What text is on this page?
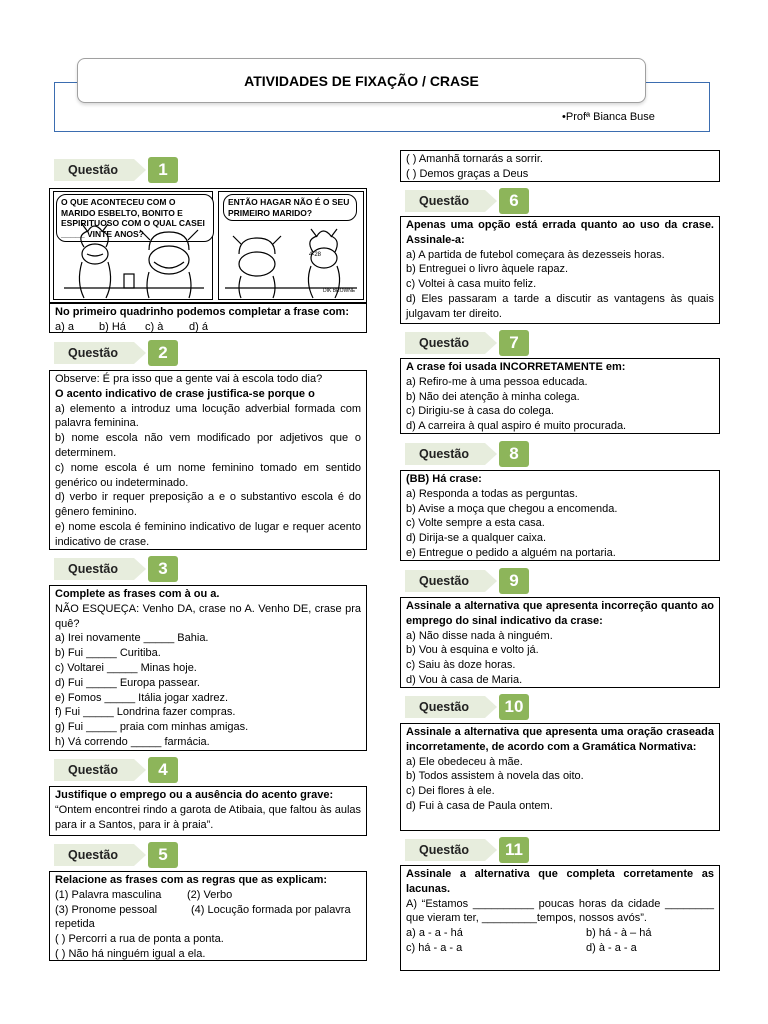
ATIVIDADES DE FIXAÇÃO / CRASE
•Profª Bianca Buse
Questão	1
O QUE ACONTECEU COM O MARIDO ESBELTO, BONITO E ESPIRITUOSO COM O QUAL CASEI _____ VINTE ANOS?
ENTÃO HAGAR NÃO É O SEU PRIMEIRO MARIDO?
4-28
DIK BROWNE

No primeiro quadrinho podemos completar a frase com:

a) a b) Há c) à d) á

Questão	2

Observe: É pra isso que a gente vai à escola todo dia?

O acento indicativo de crase justifica-se porque o

a) elemento a introduz uma locução adverbial formada com palavra feminina.

b) nome escola não vem modificado por adjetivos que o determinem.

c) nome escola é um nome feminino tomado em sentido genérico ou indeterminado.

d) verbo ir requer preposição a e o substantivo escola é do gênero feminino.

e) nome escola é feminino indicativo de lugar e requer acento indicativo de crase.

Questão	3

Complete as frases com à ou a.

NÃO ESQUEÇA: Venho DA, crase no A. Venho DE, crase pra quê?

a) Irei novamente _____ Bahia.

b) Fui _____ Curitiba.

c) Voltarei _____ Minas hoje.

d) Fui _____ Europa passear.

e) Fomos _____ Itália jogar xadrez.

f) Fui _____ Londrina fazer compras.

g) Fui _____ praia com minhas amigas.

h) Vá correndo _____ farmácia.

Questão	4

Justifique o emprego ou a ausência do acento grave:

“Ontem encontrei rindo a garota de Atibaia, que faltou às aulas para ir a Santos, para ir à praia”.

Questão	5

Relacione as frases com as regras que as explicam:

(1) Palavra masculina (2) Verbo

(3) Pronome pessoal	(4) Locução formada por palavra repetida

( ) Percorri a rua de ponta a ponta.

( ) Não há ninguém igual a ela.

( ) Amanhã tornarás a sorrir.

( ) Demos graças a Deus

Questão	6

Apenas uma opção está errada quanto ao uso da crase. Assinale-a:

a) A partida de futebol começara às dezesseis horas.

b) Entreguei o livro àquele rapaz.

c) Voltei à casa muito feliz.

d) Eles passaram a tarde a discutir as vantagens às quais julgavam ter direito.

Questão	7

A crase foi usada INCORRETAMENTE em:

a) Refiro-me à uma pessoa educada.

b) Não dei atenção à minha colega.

c) Dirigiu-se à casa do colega.

d) A carreira à qual aspiro é muito procurada.

Questão	8

(BB) Há crase:

a) Responda a todas as perguntas.

b) Avise a moça que chegou a encomenda.

c) Volte sempre a esta casa.

d) Dirija-se a qualquer caixa.

e) Entregue o pedido a alguém na portaria.

Questão	9

Assinale a alternativa que apresenta incorreção quanto ao emprego do sinal indicativo da crase:

a) Não disse nada à ninguém.

b) Vou à esquina e volto já.

c) Saiu às doze horas.

d) Vou à casa de Maria.

Questão	10

Assinale a alternativa que apresenta uma oração craseada incorretamente, de acordo com a Gramática Normativa:

a) Ele obedeceu à mãe.

b) Todos assistem à novela das oito.

c) Dei flores à ele.

d) Fui à casa de Paula ontem.

Questão	11

Assinale a alternativa que completa corretamente as lacunas.

A) “Estamos __________ poucas horas da cidade ________ que vieram ter, _________tempos, nossos avós”.

a) a - a - há	b) há - à – há

c) há - a - a	d) à - a - a
